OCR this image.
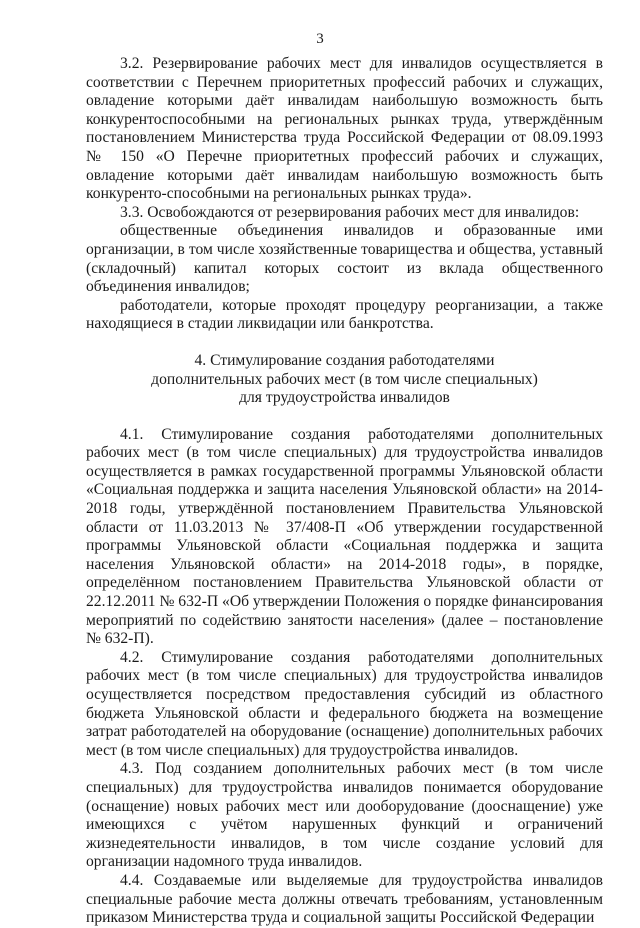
3

3.2. Резервирование рабочих мест для инвалидов осуществляется в соответствии с Перечнем приоритетных профессий рабочих и служащих, овладение которыми даёт инвалидам наибольшую возможность быть конкурентоспособными на региональных рынках труда, утверждённым постановлением Министерства труда Российской Федерации от 08.09.1993 № 150 «О Перечне приоритетных профессий рабочих и служащих, овладение которыми даёт инвалидам наибольшую возможность быть конкуренто-способными на региональных рынках труда».

3.3. Освобождаются от резервирования рабочих мест для инвалидов:

общественные объединения инвалидов и образованные ими организации, в том числе хозяйственные товарищества и общества, уставный (складочный) капитал которых состоит из вклада общественного объединения инвалидов;

работодатели, которые проходят процедуру реорганизации, а также находящиеся в стадии ликвидации или банкротства.

4. Стимулирование создания работодателями
дополнительных рабочих мест (в том числе специальных)
для трудоустройства инвалидов

4.1. Стимулирование создания работодателями дополнительных рабочих мест (в том числе специальных) для трудоустройства инвалидов осуществляется в рамках государственной программы Ульяновской области «Социальная поддержка и защита населения Ульяновской области» на 2014-2018 годы, утверждённой постановлением Правительства Ульяновской области от 11.03.2013 № 37/408-П «Об утверждении государственной программы Ульяновской области «Социальная поддержка и защита населения Ульяновской области» на 2014-2018 годы», в порядке, определённом постановлением Правительства Ульяновской области от 22.12.2011 № 632-П «Об утверждении Положения о порядке финансирования мероприятий по содействию занятости населения» (далее – постановление № 632-П).

4.2. Стимулирование создания работодателями дополнительных рабочих мест (в том числе специальных) для трудоустройства инвалидов осуществляется посредством предоставления субсидий из областного бюджета Ульяновской области и федерального бюджета на возмещение затрат работодателей на оборудование (оснащение) дополнительных рабочих мест (в том числе специальных) для трудоустройства инвалидов.

4.3. Под созданием дополнительных рабочих мест (в том числе специальных) для трудоустройства инвалидов понимается оборудование (оснащение) новых рабочих мест или дооборудование (дооснащение) уже имеющихся с учётом нарушенных функций и ограничений жизнедеятельности инвалидов, в том числе создание условий для организации надомного труда инвалидов.

4.4. Создаваемые или выделяемые для трудоустройства инвалидов специальные рабочие места должны отвечать требованиям, установленным приказом Министерства труда и социальной защиты Российской Федерации
